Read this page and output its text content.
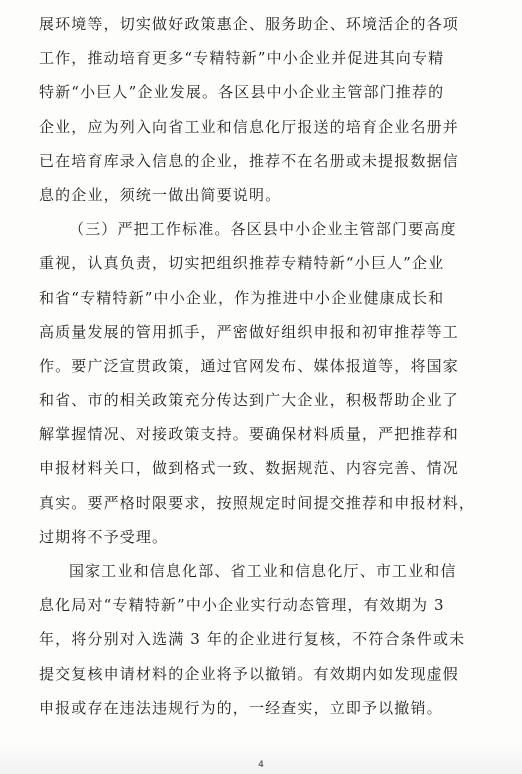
展环境等，切实做好政策惠企、服务助企、环境活企的各项
工作，推动培育更多“专精特新”中小企业并促进其向专精
特新“小巨人”企业发展。各区县中小企业主管部门推荐的
企业，应为列入向省工业和信息化厅报送的培育企业名册并
已在培育库录入信息的企业，推荐不在名册或未提报数据信
息的企业，须统一做出简要说明。
（三）严把工作标准。各区县中小企业主管部门要高度
重视，认真负责，切实把组织推荐专精特新“小巨人”企业
和省“专精特新”中小企业，作为推进中小企业健康成长和
高质量发展的管用抓手，严密做好组织申报和初审推荐等工
作。要广泛宣贯政策，通过官网发布、媒体报道等，将国家
和省、市的相关政策充分传达到广大企业，积极帮助企业了
解掌握情况、对接政策支持。要确保材料质量，严把推荐和
申报材料关口，做到格式一致、数据规范、内容完善、情况
真实。要严格时限要求，按照规定时间提交推荐和申报材料，
过期将不予受理。
国家工业和信息化部、省工业和信息化厅、市工业和信
息化局对“专精特新”中小企业实行动态管理，有效期为 3
年，将分别对入选满 3 年的企业进行复核，不符合条件或未
提交复核申请材料的企业将予以撤销。有效期内如发现虚假
申报或存在违法违规行为的，一经查实，立即予以撤销。
4
